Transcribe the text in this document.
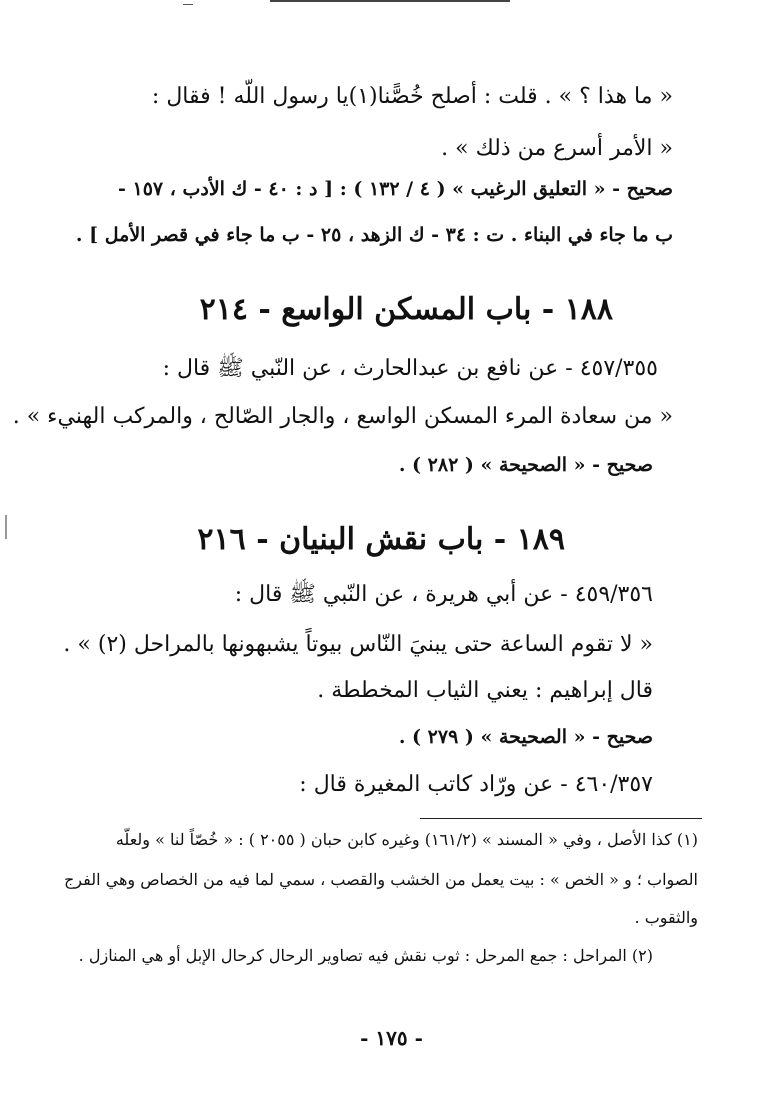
« ما هذا ؟ » . قلت : أصلح خُصًّنا(١)يا رسول اللّه ! فقال :
« الأمر أسرع من ذلك » .
صحيح - « التعليق الرغيب » ( ٤ / ١٣٢ ) : [ د : ٤٠ - ك الأدب ، ١٥٧ -
ب ما جاء في البناء . ت : ٣٤ - ك الزهد ، ٢٥ - ب ما جاء في قصر الأمل ] .
١٨٨ - باب المسكن الواسع - ٢١٤
٤٥٧/٣٥٥ - عن نافع بن عبدالحارث ، عن النّبي ﷺ قال :
« من سعادة المرء المسكن الواسع ، والجار الصّالح ، والمركب الهنيء » .
صحيح - « الصحيحة » ( ٢٨٢ ) .
١٨٩ - باب نقش البنيان - ٢١٦
٤٥٩/٣٥٦ - عن أبي هريرة ، عن النّبي ﷺ قال :
« لا تقوم الساعة حتى يبنيَ النّاس بيوتاً يشبهونها بالمراحل (٢) » .
قال إبراهيم : يعني الثياب المخططة .
صحيح - « الصحيحة » ( ٢٧٩ ) .
٤٦٠/٣٥٧ - عن ورّاد كاتب المغيرة قال :
(١) كذا الأصل ، وفي « المسند » (١٦١/٢) وغيره كابن حبان ( ٢٠٥٥ ) : « خُصّاً لنا » ولعلّه
الصواب ؛ و « الخص » : بيت يعمل من الخشب والقصب ، سمي لما فيه من الخصاص وهي الفرج
والثقوب .
(٢) المراحل : جمع المرحل : ثوب نقش فيه تصاوير الرحال كرحال الإبل أو هي المنازل .
- ١٧٥ -
